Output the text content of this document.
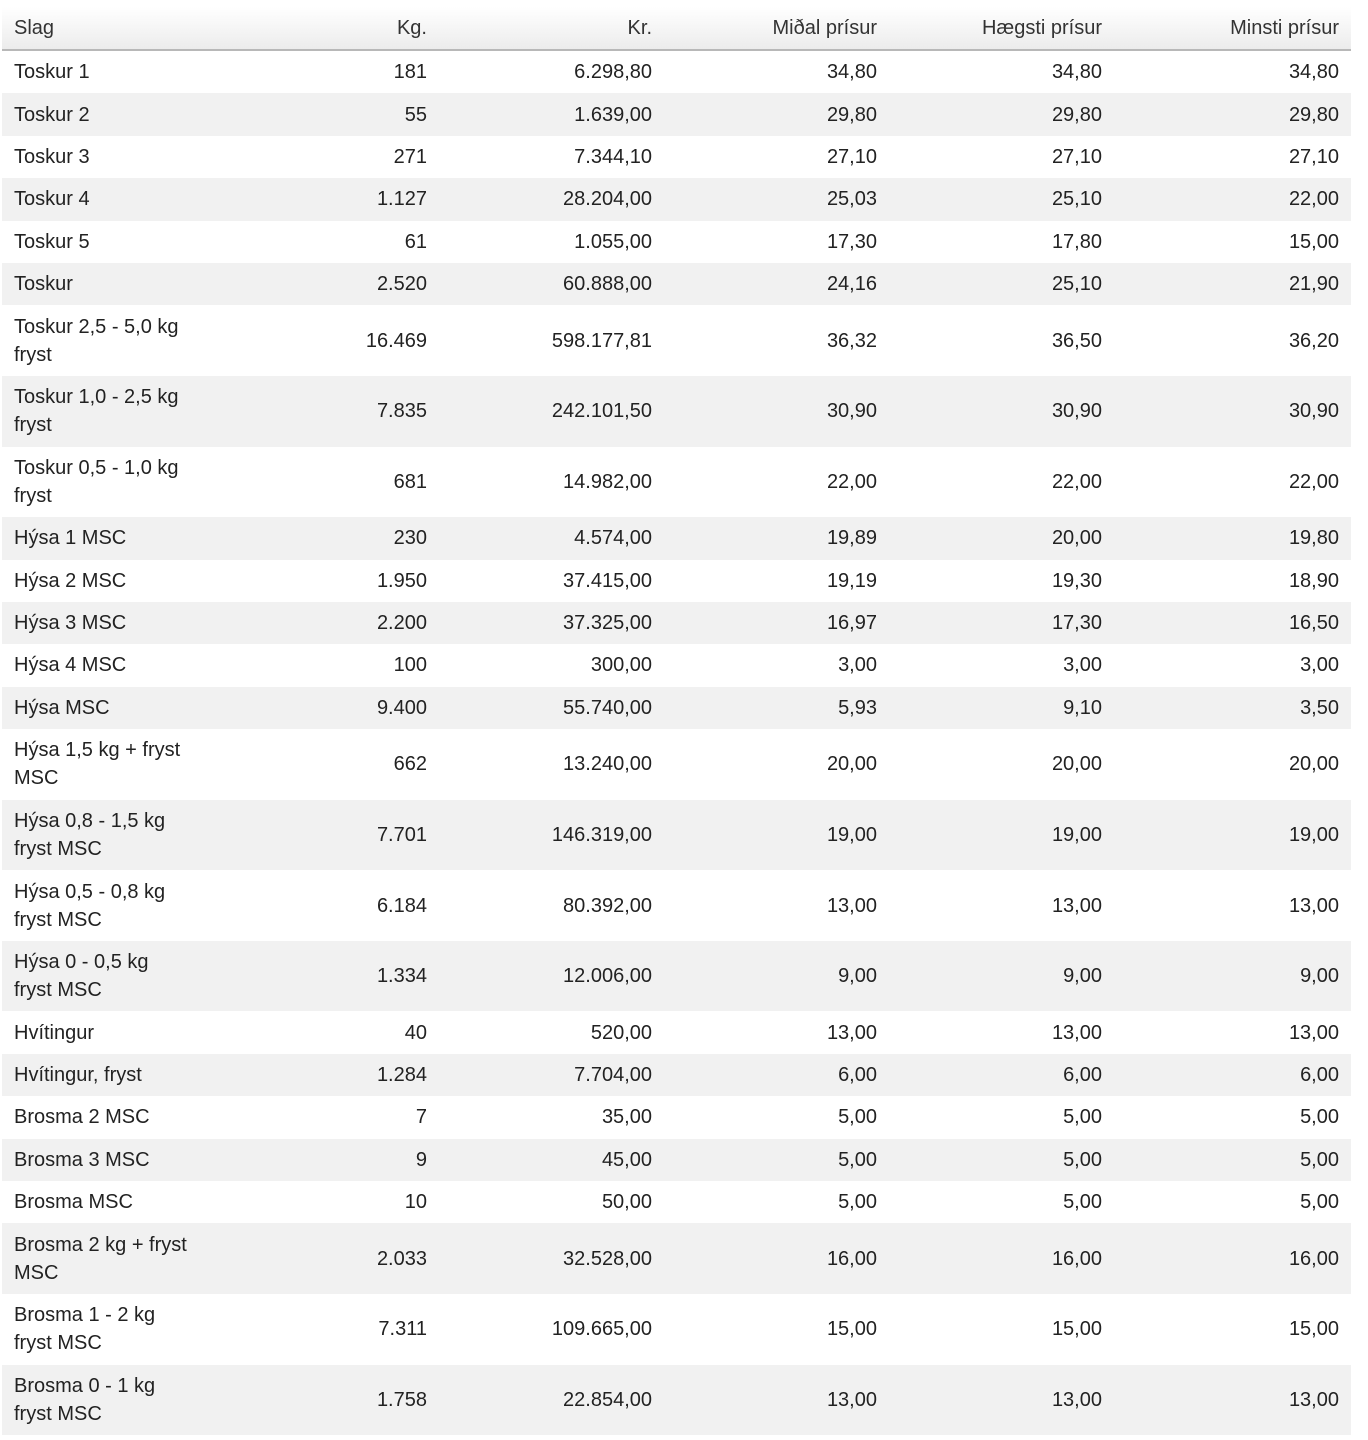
Slag	Kg.	Kr.	Miðal prísur	Hægsti prísur	Minsti prísur
Toskur 1	181	6.298,80	34,80	34,80	34,80
Toskur 2	55	1.639,00	29,80	29,80	29,80
Toskur 3	271	7.344,10	27,10	27,10	27,10
Toskur 4	1.127	28.204,00	25,03	25,10	22,00
Toskur 5	61	1.055,00	17,30	17,80	15,00
Toskur	2.520	60.888,00	24,16	25,10	21,90
Toskur 2,5 - 5,0 kg fryst	16.469	598.177,81	36,32	36,50	36,20
Toskur 1,0 - 2,5 kg fryst	7.835	242.101,50	30,90	30,90	30,90
Toskur 0,5 - 1,0 kg fryst	681	14.982,00	22,00	22,00	22,00
Hýsa 1 MSC	230	4.574,00	19,89	20,00	19,80
Hýsa 2 MSC	1.950	37.415,00	19,19	19,30	18,90
Hýsa 3 MSC	2.200	37.325,00	16,97	17,30	16,50
Hýsa 4 MSC	100	300,00	3,00	3,00	3,00
Hýsa MSC	9.400	55.740,00	5,93	9,10	3,50
Hýsa 1,5 kg + fryst MSC	662	13.240,00	20,00	20,00	20,00
Hýsa 0,8 - 1,5 kg fryst MSC	7.701	146.319,00	19,00	19,00	19,00
Hýsa 0,5 - 0,8 kg fryst MSC	6.184	80.392,00	13,00	13,00	13,00
Hýsa 0 - 0,5 kg fryst MSC	1.334	12.006,00	9,00	9,00	9,00
Hvítingur	40	520,00	13,00	13,00	13,00
Hvítingur, fryst	1.284	7.704,00	6,00	6,00	6,00
Brosma 2 MSC	7	35,00	5,00	5,00	5,00
Brosma 3 MSC	9	45,00	5,00	5,00	5,00
Brosma MSC	10	50,00	5,00	5,00	5,00
Brosma 2 kg + fryst MSC	2.033	32.528,00	16,00	16,00	16,00
Brosma 1 - 2 kg fryst MSC	7.311	109.665,00	15,00	15,00	15,00
Brosma 0 - 1 kg fryst MSC	1.758	22.854,00	13,00	13,00	13,00
